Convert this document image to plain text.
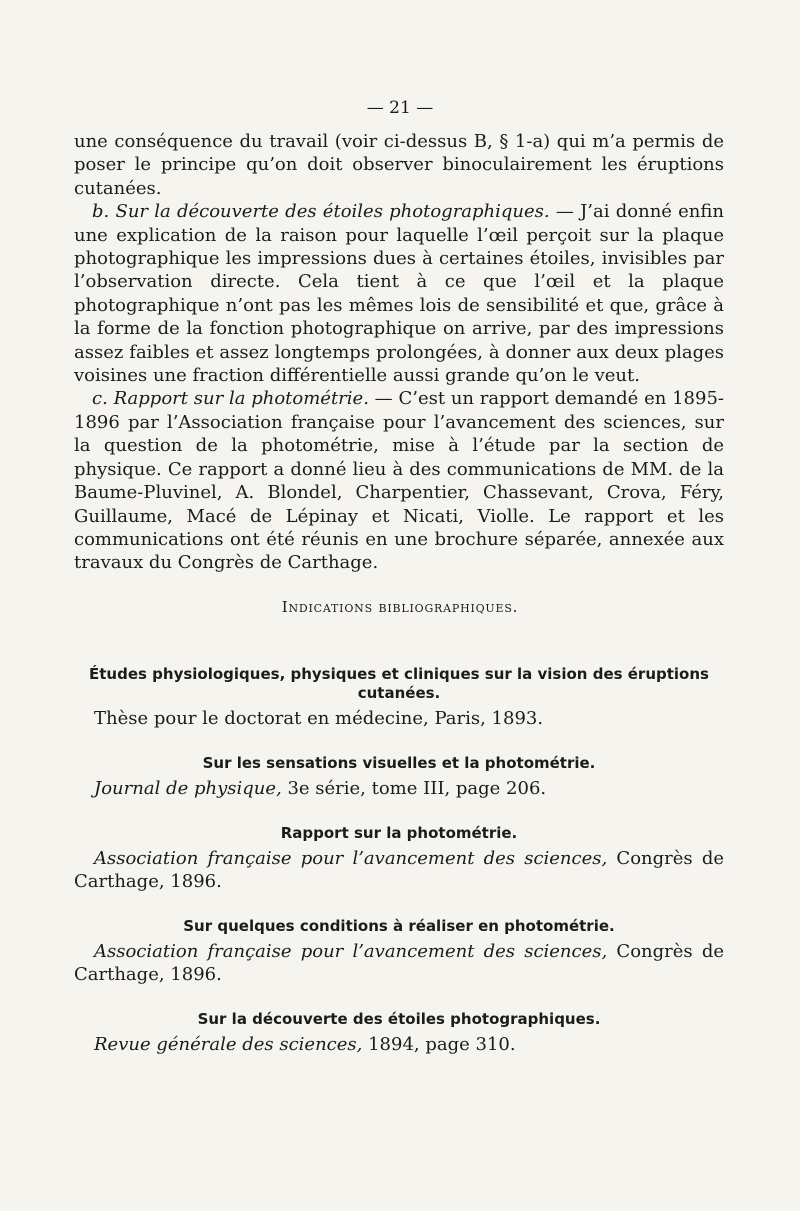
— 21 —

une conséquence du travail (voir ci-dessus B, § 1-a) qui m’a permis de poser le principe qu’on doit observer binoculairement les éruptions cutanées.

b. Sur la découverte des étoiles photographiques. — J’ai donné enfin une explication de la raison pour laquelle l’œil perçoit sur la plaque photographique les impressions dues à certaines étoiles, invisibles par l’observation directe. Cela tient à ce que l’œil et la plaque photographique n’ont pas les mêmes lois de sensibilité et que, grâce à la forme de la fonction photographique on arrive, par des impressions assez faibles et assez longtemps prolongées, à donner aux deux plages voisines une fraction différentielle aussi grande qu’on le veut.

c. Rapport sur la photométrie. — C’est un rapport demandé en 1895-1896 par l’Association française pour l’avancement des sciences, sur la question de la photométrie, mise à l’étude par la section de physique. Ce rapport a donné lieu à des communications de MM. de la Baume-Pluvinel, A. Blondel, Charpentier, Chassevant, Crova, Féry, Guillaume, Macé de Lépinay et Nicati, Violle. Le rapport et les communications ont été réunis en une brochure séparée, annexée aux travaux du Congrès de Carthage.

Indications bibliographiques.

Études physiologiques, physiques et cliniques sur la vision des éruptions cutanées.

Thèse pour le doctorat en médecine, Paris, 1893.

Sur les sensations visuelles et la photométrie.

Journal de physique, 3e série, tome III, page 206.

Rapport sur la photométrie.

Association française pour l’avancement des sciences, Congrès de Carthage, 1896.

Sur quelques conditions à réaliser en photométrie.

Association française pour l’avancement des sciences, Congrès de Carthage, 1896.

Sur la découverte des étoiles photographiques.

Revue générale des sciences, 1894, page 310.
